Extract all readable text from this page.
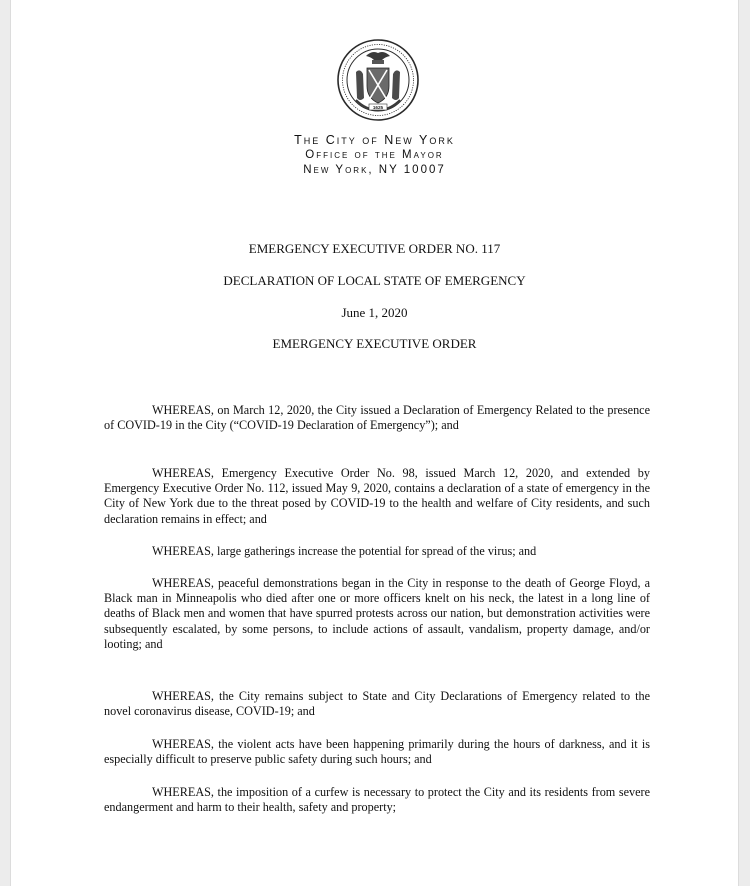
1625
The City of New York
Office of the Mayor
New York, NY 10007
EMERGENCY EXECUTIVE ORDER NO. 117
DECLARATION OF LOCAL STATE OF EMERGENCY
June 1, 2020
EMERGENCY EXECUTIVE ORDER

WHEREAS, on March 12, 2020, the City issued a Declaration of Emergency Related to the presence of COVID-19 in the City (“COVID-19 Declaration of Emergency”); and

WHEREAS, Emergency Executive Order No. 98, issued March 12, 2020, and extended by Emergency Executive Order No. 112, issued May 9, 2020, contains a declaration of a state of emergency in the City of New York due to the threat posed by COVID-19 to the health and welfare of City residents, and such declaration remains in effect; and

WHEREAS, large gatherings increase the potential for spread of the virus; and

WHEREAS, peaceful demonstrations began in the City in response to the death of George Floyd, a Black man in Minneapolis who died after one or more officers knelt on his neck, the latest in a long line of deaths of Black men and women that have spurred protests across our nation, but demonstration activities were subsequently escalated, by some persons, to include actions of assault, vandalism, property damage, and/or looting; and

WHEREAS, the City remains subject to State and City Declarations of Emergency related to the novel coronavirus disease, COVID-19; and

WHEREAS, the violent acts have been happening primarily during the hours of darkness, and it is especially difficult to preserve public safety during such hours; and

WHEREAS, the imposition of a curfew is necessary to protect the City and its residents from severe endangerment and harm to their health, safety and property;
